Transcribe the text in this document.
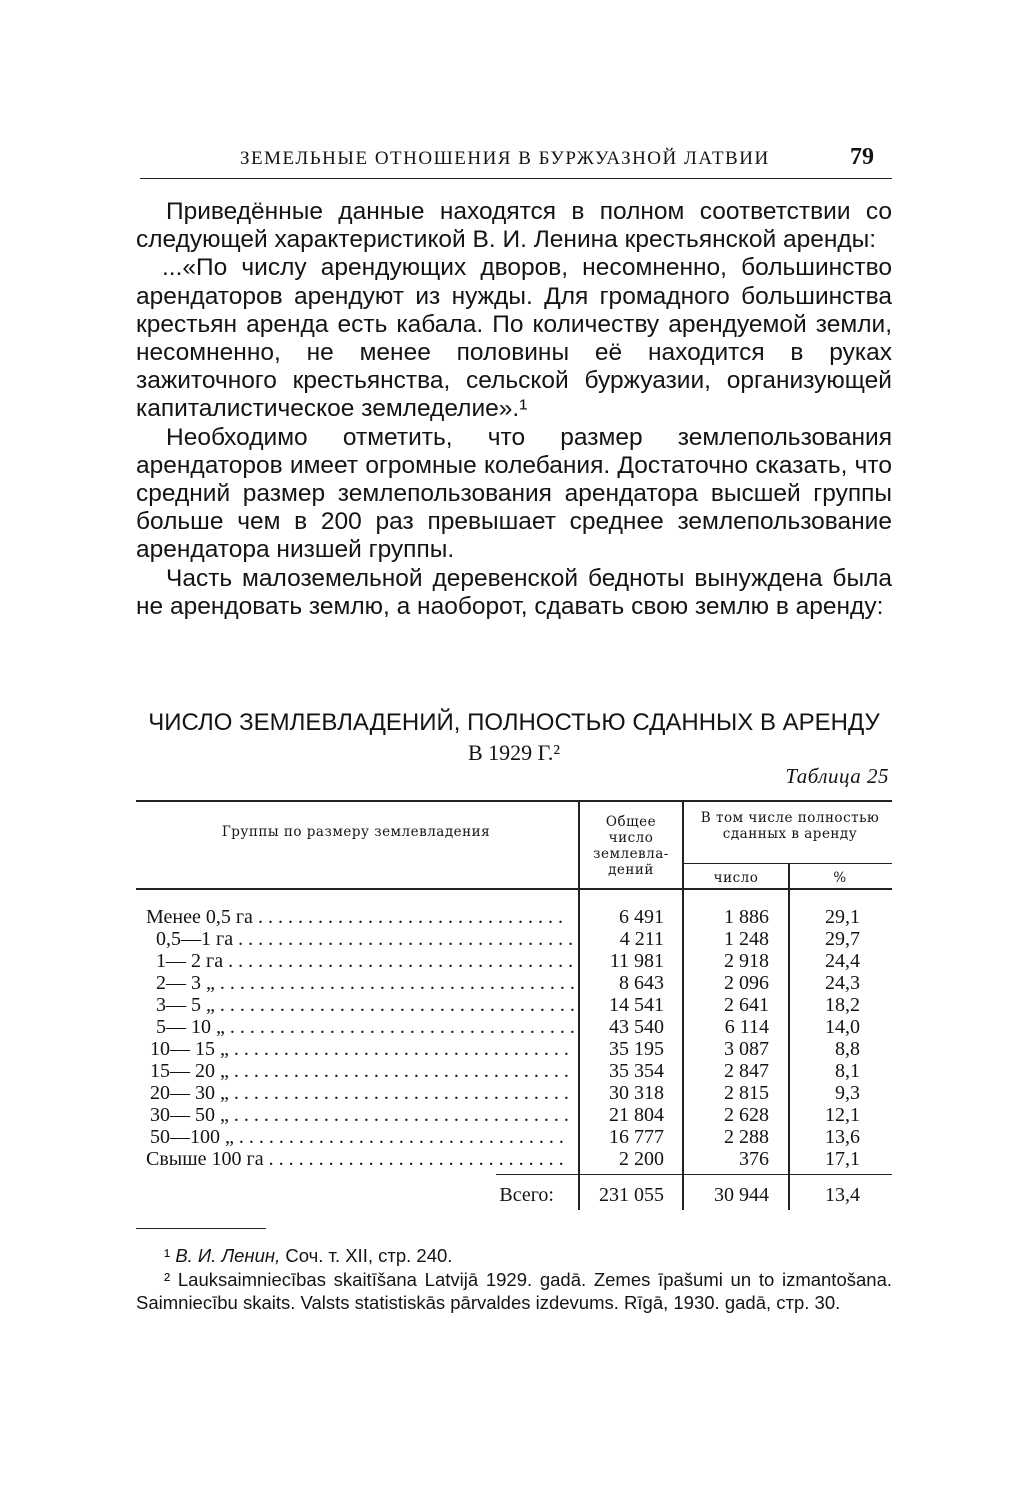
ЗЕМЕЛЬНЫЕ ОТНОШЕНИЯ В БУРЖУАЗНОЙ ЛАТВИИ	79

Приведённые данные находятся в полном соответствии со следующей характеристикой В. И. Ленина крестьянской аренды:

...«По числу арендующих дворов, несомненно, большинство арендаторов арендуют из нужды. Для громадного большинства крестьян аренда есть кабала. По количеству арендуемой земли, несомненно, не менее половины её находится в руках зажиточного крестьянства, сельской буржуазии, организующей капиталистическое земледелие».¹

Необходимо отметить, что размер землепользования арендаторов имеет огромные колебания. Достаточно сказать, что средний размер землепользования арендатора высшей группы больше чем в 200 раз превышает среднее землепользование арендатора низшей группы.

Часть малоземельной деревенской бедноты вынуждена была не арендовать землю, а наоборот, сдавать свою землю в аренду:

ЧИСЛО ЗЕМЛЕВЛАДЕНИЙ, ПОЛНОСТЬЮ СДАННЫХ В АРЕНДУ
В 1929 Г.²
Таблица 25
Группы по размеру землевладения
Общее число землевла-дений
В том числе полностью сданных в аренду
число	%
Менее 0,5 га . . .	6 491	1 886	29,1
0,5—1 га . . .	4 211	1 248	29,7
1— 2 га . . .	11 981	2 918	24,4
2— 3 „ . . .	8 643	2 096	24,3
3— 5 „ . . .	14 541	2 641	18,2
5— 10 „ . . .	43 540	6 114	14,0
10— 15 „ . . .	35 195	3 087	8,8
15— 20 „ . . .	35 354	2 847	8,1
20— 30 „ . . .	30 318	2 815	9,3
30— 50 „ . . .	21 804	2 628	12,1
50—100 „ . . .	16 777	2 288	13,6
Свыше 100 га . . .	2 200	376	17,1
Всего:	231 055	30 944	13,4

¹ В. И. Ленин, Соч. т. XII, стр. 240.

² Lauksaimniecības skaitīšana Latvijā 1929. gadā. Zemes īpašumi un to izmantošana. Saimniecību skaits. Valsts statistiskās pārvaldes izdevums. Rīgā, 1930. gadā, стр. 30.
